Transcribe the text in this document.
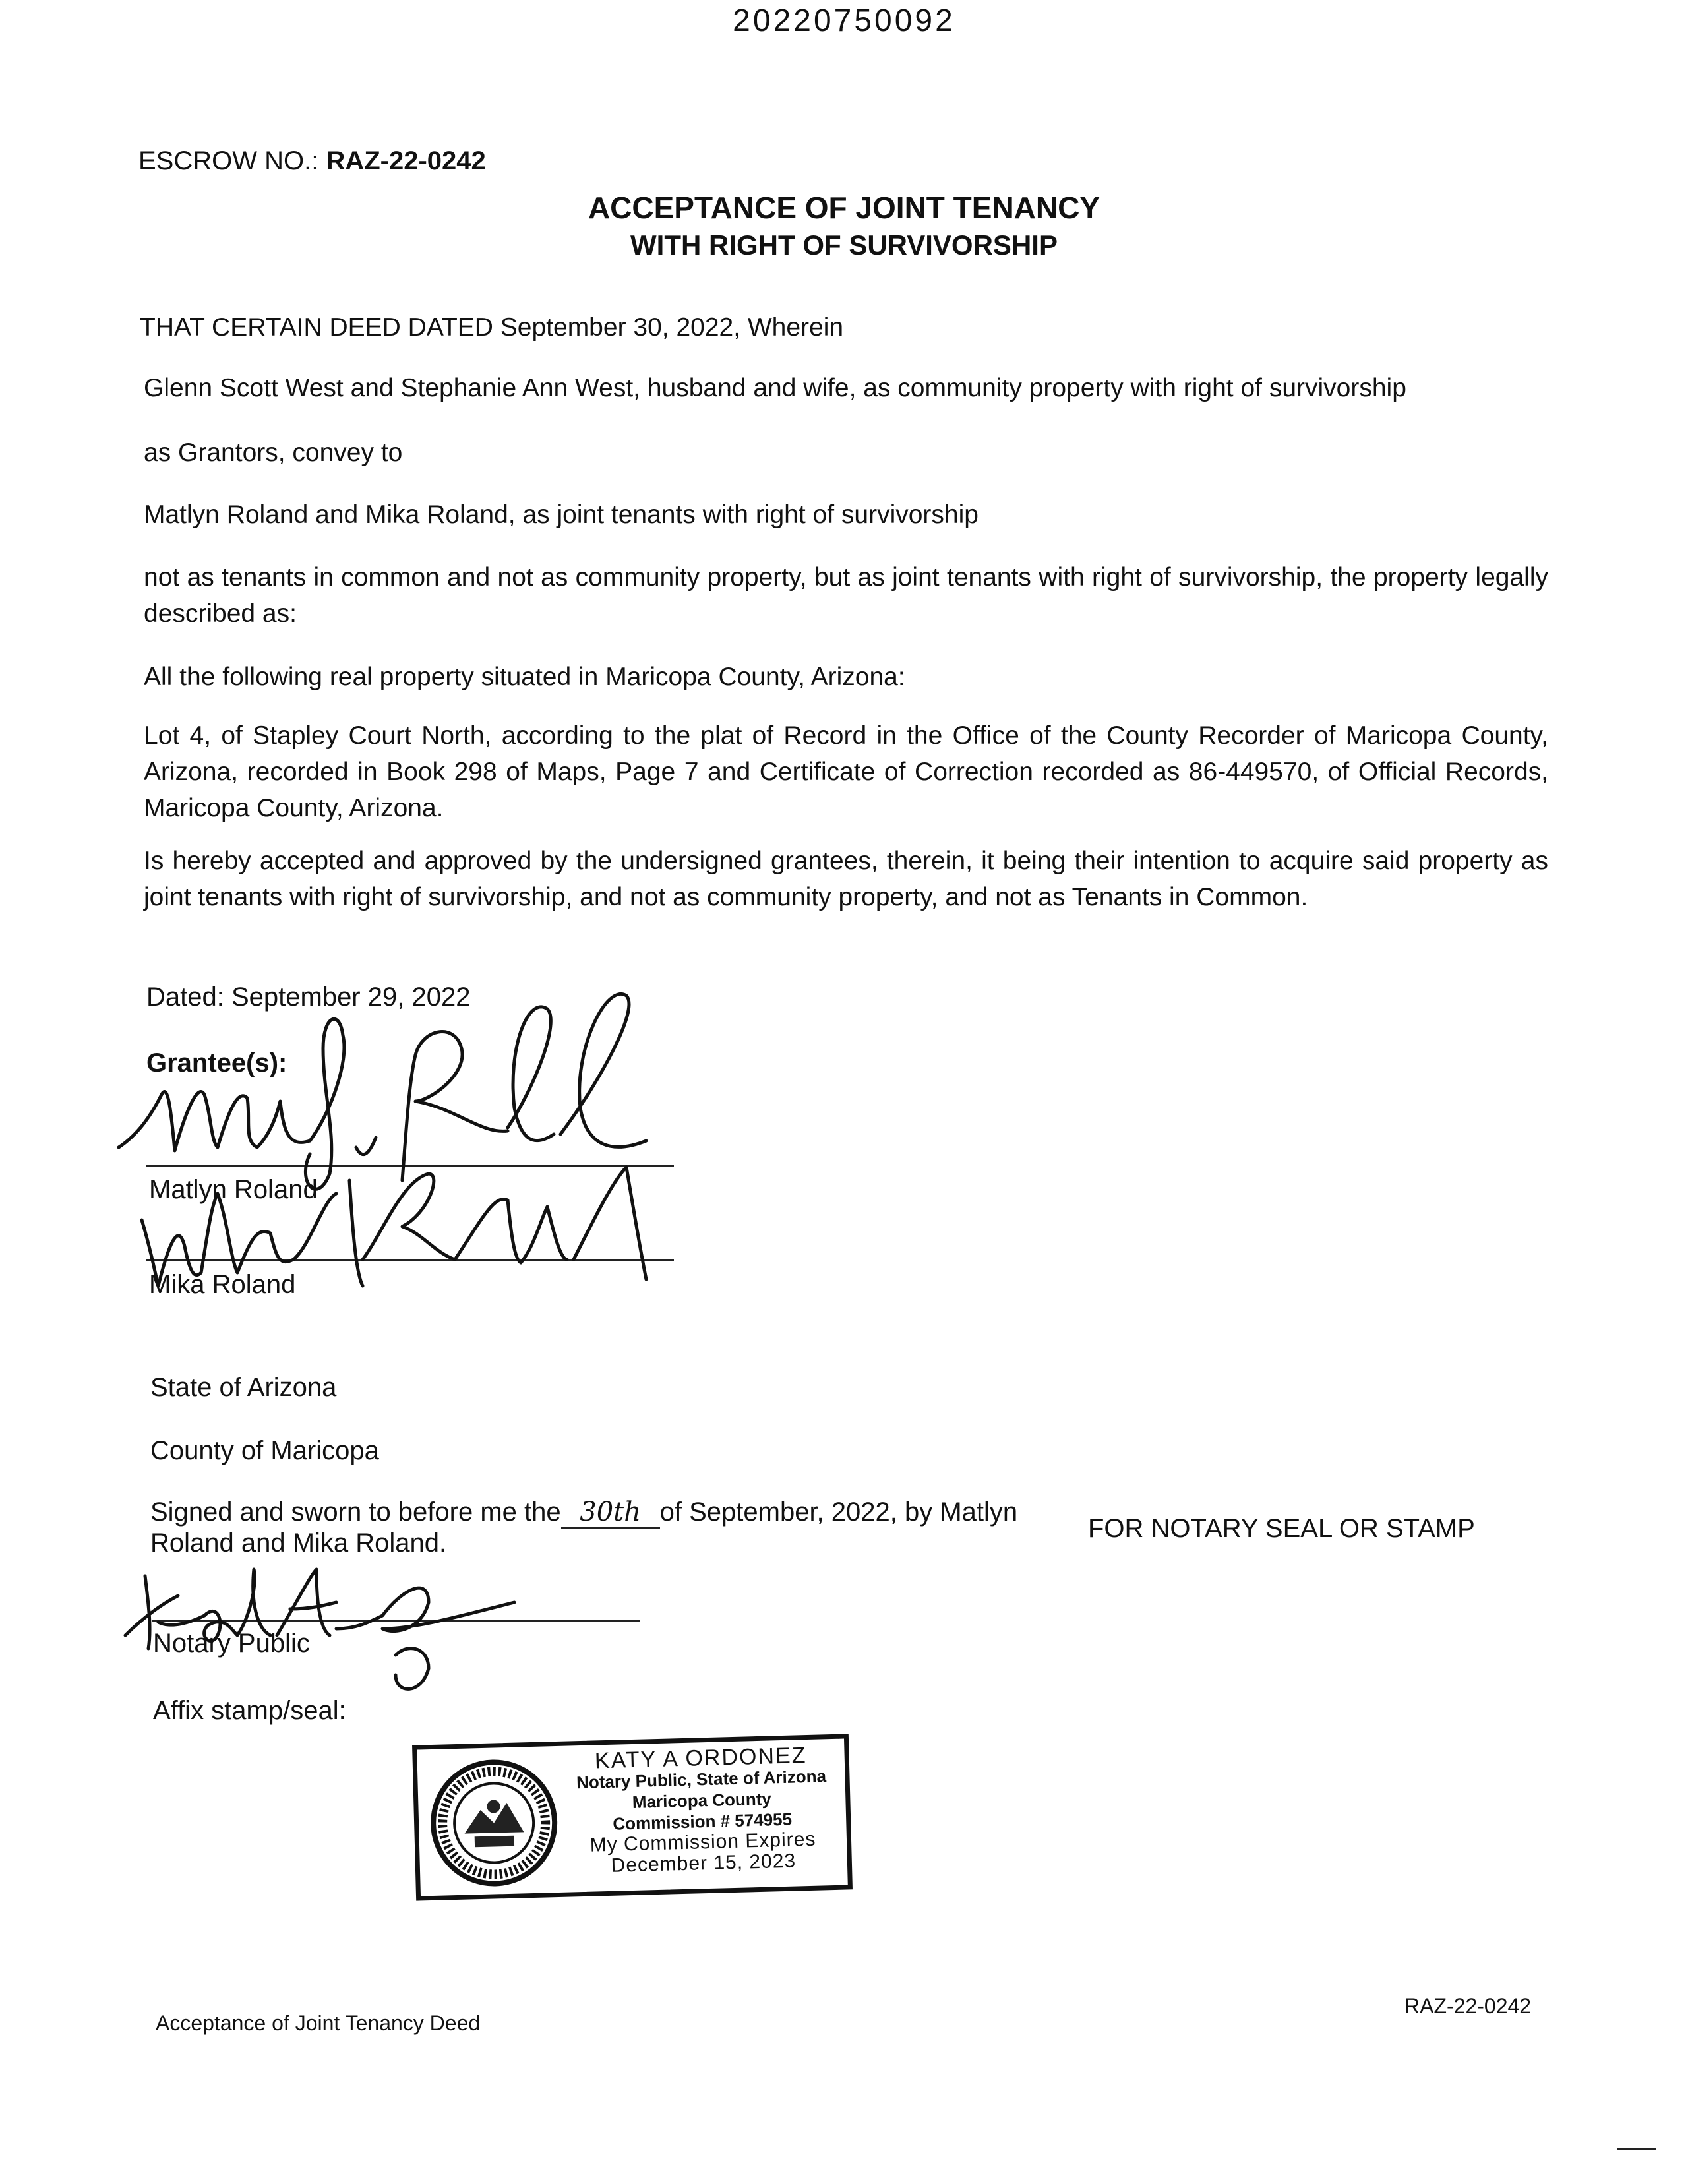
20220750092
ESCROW NO.: RAZ-22-0242
ACCEPTANCE OF JOINT TENANCY
WITH RIGHT OF SURVIVORSHIP
THAT CERTAIN DEED DATED September 30, 2022, Wherein
Glenn Scott West and Stephanie Ann West, husband and wife, as community property with right of survivorship
as Grantors, convey to
Matlyn Roland and Mika Roland, as joint tenants with right of survivorship
not as tenants in common and not as community property, but as joint tenants with right of survivorship, the property legally described as:
All the following real property situated in Maricopa County, Arizona:
Lot 4, of Stapley Court North, according to the plat of Record in the Office of the County Recorder of Maricopa County, Arizona, recorded in Book 298 of Maps, Page 7 and Certificate of Correction recorded as 86-449570, of Official Records, Maricopa County, Arizona.
Is hereby accepted and approved by the undersigned grantees, therein, it being their intention to acquire said property as joint tenants with right of survivorship, and not as community property, and not as Tenants in Common.
Dated: September 29, 2022
Grantee(s):
Matlyn Roland
Mika Roland
State of Arizona
County of Maricopa
Signed and sworn to before me the 30th of September, 2022, by Matlyn
Roland and Mika Roland.	FOR NOTARY SEAL OR STAMP
Notary Public
Affix stamp/seal:
KATY A ORDONEZ
Notary Public, State of Arizona
Maricopa County
Commission # 574955
My Commission Expires
December 15, 2023
Acceptance of Joint Tenancy Deed
RAZ-22-0242
